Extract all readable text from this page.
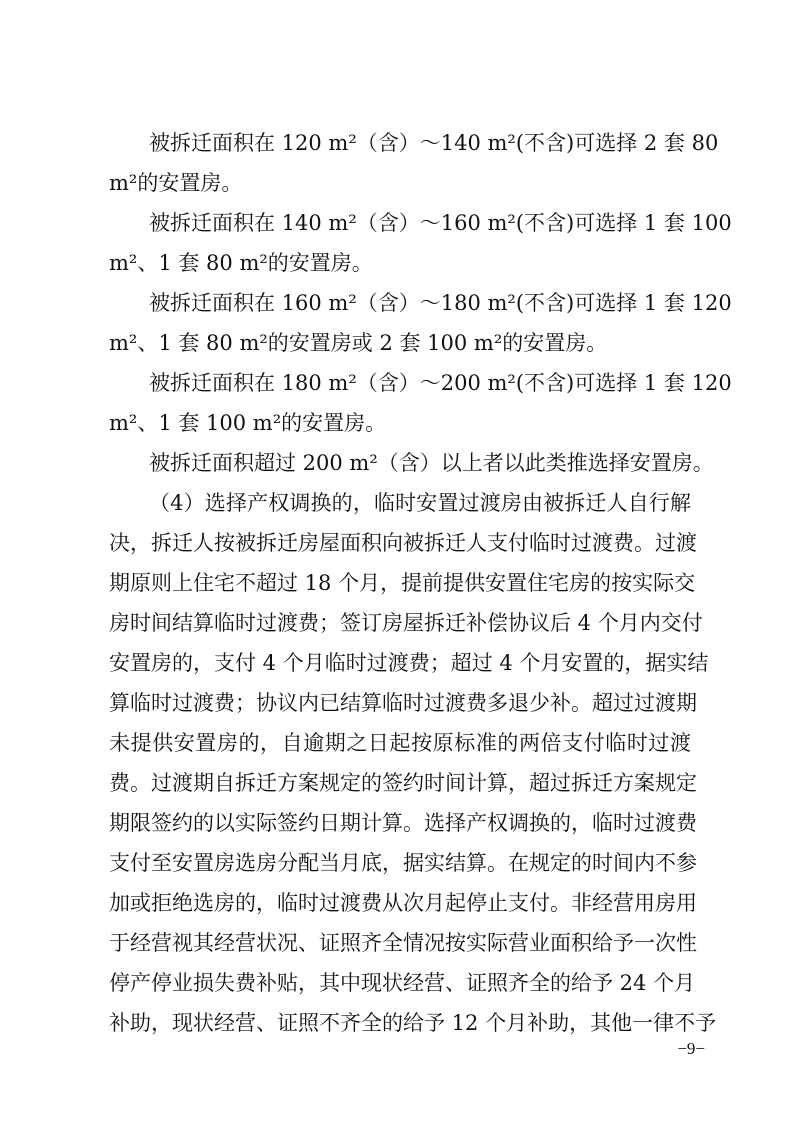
被拆迁面积在 120 m²（含）～140 m²(不含)可选择 2 套 80
m²的安置房。
被拆迁面积在 140 m²（含）～160 m²(不含)可选择 1 套 100
m²、1 套 80 m²的安置房。
被拆迁面积在 160 m²（含）～180 m²(不含)可选择 1 套 120
m²、1 套 80 m²的安置房或 2 套 100 m²的安置房。
被拆迁面积在 180 m²（含）～200 m²(不含)可选择 1 套 120
m²、1 套 100 m²的安置房。
被拆迁面积超过 200 m²（含）以上者以此类推选择安置房。
（4）选择产权调换的，临时安置过渡房由被拆迁人自行解
决，拆迁人按被拆迁房屋面积向被拆迁人支付临时过渡费。过渡
期原则上住宅不超过 18 个月，提前提供安置住宅房的按实际交
房时间结算临时过渡费；签订房屋拆迁补偿协议后 4 个月内交付
安置房的，支付 4 个月临时过渡费；超过 4 个月安置的，据实结
算临时过渡费；协议内已结算临时过渡费多退少补。超过过渡期
未提供安置房的，自逾期之日起按原标准的两倍支付临时过渡
费。过渡期自拆迁方案规定的签约时间计算，超过拆迁方案规定
期限签约的以实际签约日期计算。选择产权调换的，临时过渡费
支付至安置房选房分配当月底，据实结算。在规定的时间内不参
加或拒绝选房的，临时过渡费从次月起停止支付。非经营用房用
于经营视其经营状况、证照齐全情况按实际营业面积给予一次性
停产停业损失费补贴，其中现状经营、证照齐全的给予 24 个月
补助，现状经营、证照不齐全的给予 12 个月补助，其他一律不予
−9−
